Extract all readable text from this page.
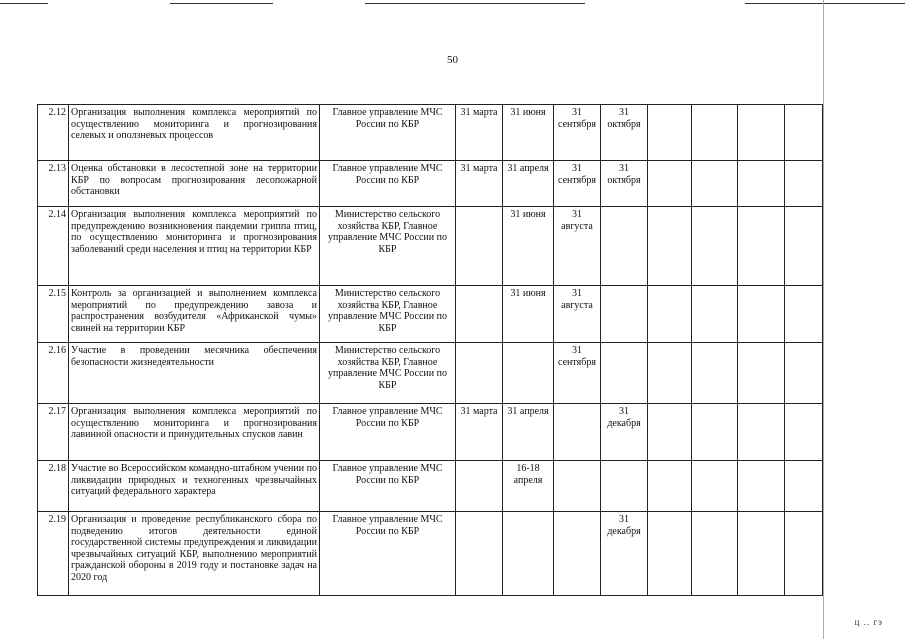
50
2.12	Организация выполнения комплекса мероприятий по осуществлению мониторинга и прогнозирования селевых и оползневых процессов	Главное управление МЧС России по КБР	31 марта	31 июня	31 сентября	31 октября				
2.13	Оценка обстановки в лесостепной зоне на территории КБР по вопросам прогнозирования лесопожарной обстановки	Главное управление МЧС России по КБР	31 марта	31 апреля	31 сентября	31 октября				
2.14	Организация выполнения комплекса мероприятий по предупреждению возникновения пандемии гриппа птиц, по осуществлению мониторинга и прогнозирования заболеваний среди населения и птиц на территории КБР	Министерство сельского хозяйства КБР, Главное управление МЧС России по КБР		31 июня	31 августа					
2.15	Контроль за организацией и выполнением комплекса мероприятий по предупреждению завоза и распространения возбудителя «Африканской чумы» свиней на территории КБР	Министерство сельского хозяйства КБР, Главное управление МЧС России по КБР		31 июня	31 августа					
2.16	Участие в проведении месячника обеспечения безопасности жизнедеятельности	Министерство сельского хозяйства КБР, Главное управление МЧС России по КБР			31 сентября					
2.17	Организация выполнения комплекса мероприятий по осуществлению мониторинга и прогнозирования лавинной опасности и принудительных спусков лавин	Главное управление МЧС России по КБР	31 марта	31 апреля		31 декабря				
2.18	Участие во Всероссийском командно-штабном учении по ликвидации природных и техногенных чрезвычайных ситуаций федерального характера	Главное управление МЧС России по КБР		16-18 апреля						
2.19	Организация и проведение республиканского сбора по подведению итогов деятельности единой государственной системы предупреждения и ликвидации чрезвычайных ситуаций КБР, выполнению мероприятий гражданской обороны в 2019 году и постановке задач на 2020 год	Главное управление МЧС России по КБР				31 декабря				
ц .. гэ
